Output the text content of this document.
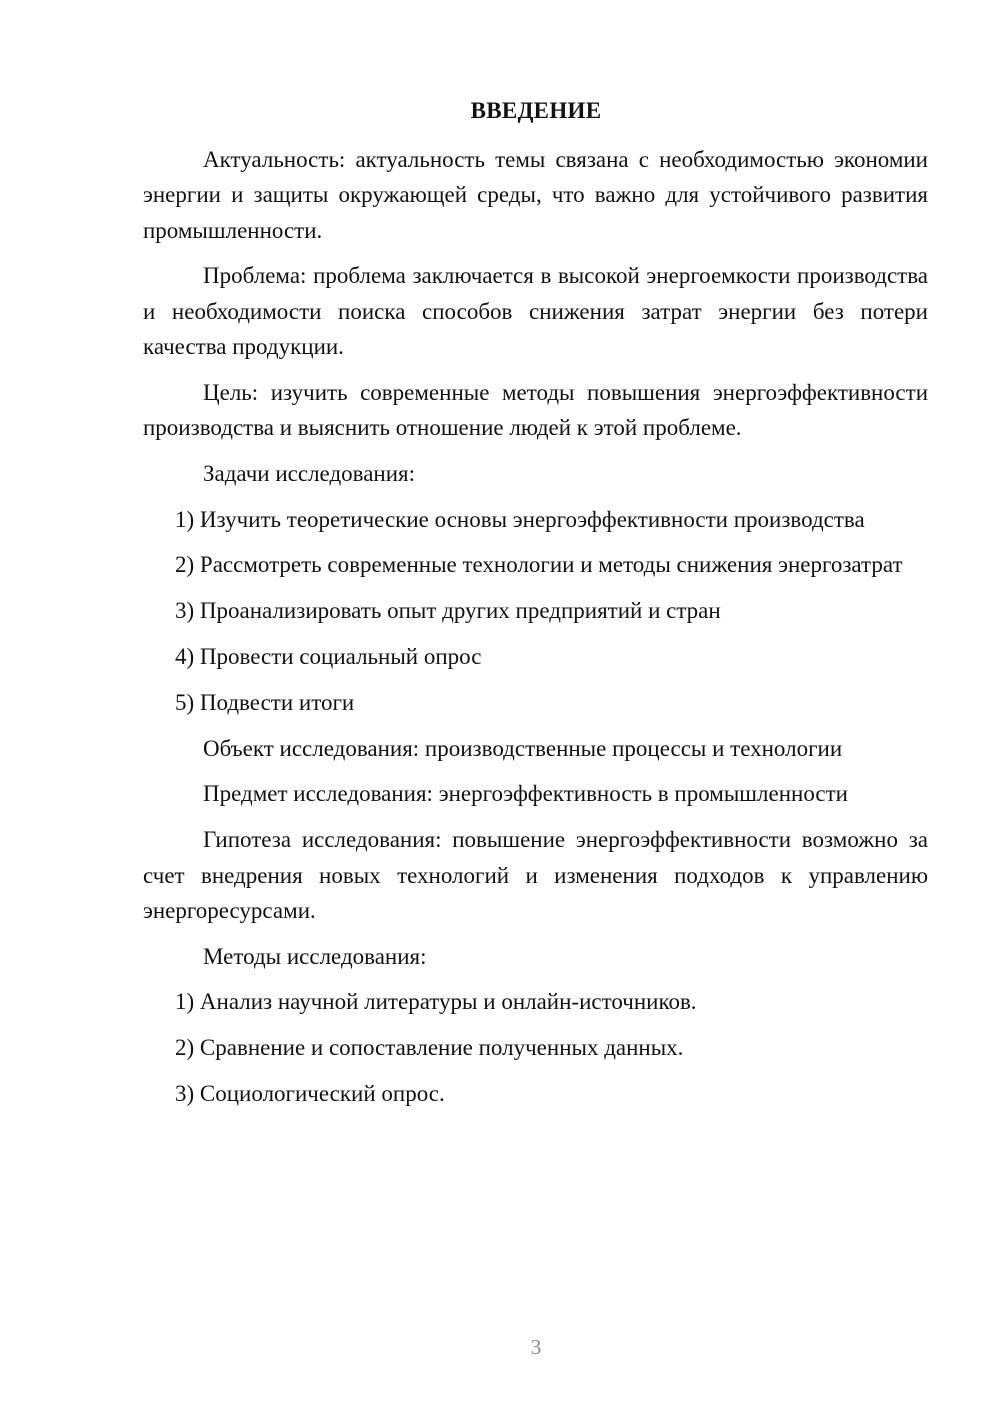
ВВЕДЕНИЕ

Актуальность: актуальность темы связана с необходимостью экономии энергии и защиты окружающей среды, что важно для устойчивого развития промышленности.

Проблема: проблема заключается в высокой энергоемкости производства и необходимости поиска способов снижения затрат энергии без потери качества продукции.

Цель: изучить современные методы повышения энергоэффективности производства и выяснить отношение людей к этой проблеме.

Задачи исследования:

1) Изучить теоретические основы энергоэффективности производства

2) Рассмотреть современные технологии и методы снижения энергозатрат

3) Проанализировать опыт других предприятий и стран

4) Провести социальный опрос

5) Подвести итоги

Объект исследования: производственные процессы и технологии

Предмет исследования: энергоэффективность в промышленности

Гипотеза исследования: повышение энергоэффективности возможно за счет внедрения новых технологий и изменения подходов к управлению энергоресурсами.

Методы исследования:

1) Анализ научной литературы и онлайн-источников.

2) Сравнение и сопоставление полученных данных.

3) Социологический опрос.

3
